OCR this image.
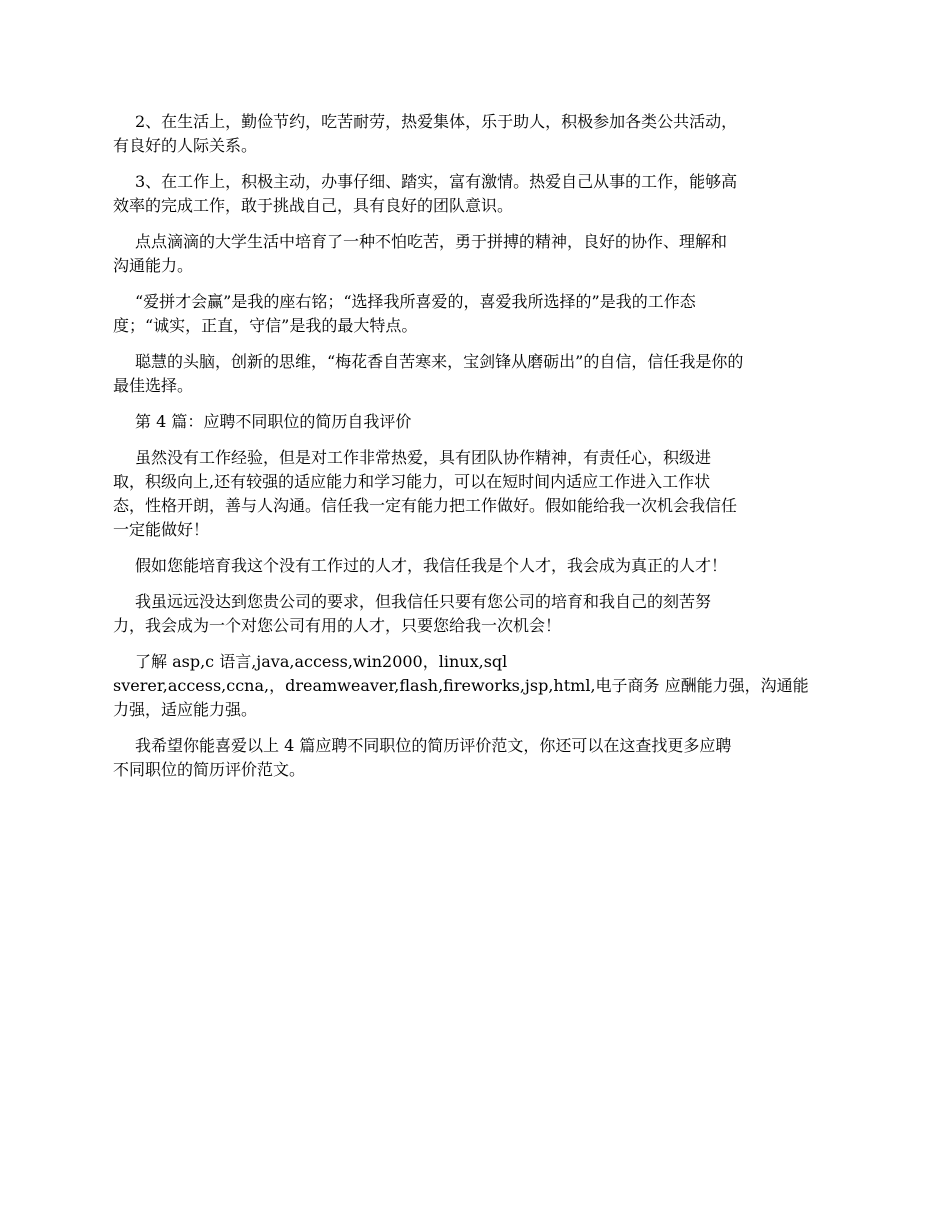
2、在生活上，勤俭节约，吃苦耐劳，热爱集体，乐于助人，积极参加各类公共活动，
有良好的人际关系。

3、在工作上，积极主动，办事仔细、踏实，富有激情。热爱自己从事的工作，能够高
效率的完成工作，敢于挑战自己，具有良好的团队意识。

点点滴滴的大学生活中培育了一种不怕吃苦，勇于拼搏的精神，良好的协作、理解和
沟通能力。

“爱拼才会赢”是我的座右铭；“选择我所喜爱的，喜爱我所选择的”是我的工作态
度；“诚实，正直，守信”是我的最大特点。

聪慧的头脑，创新的思维，“梅花香自苦寒来，宝剑锋从磨砺出”的自信，信任我是你的
最佳选择。

第 4 篇：应聘不同职位的简历自我评价

虽然没有工作经验，但是对工作非常热爱，具有团队协作精神，有责任心，积级进
取，积级向上,还有较强的适应能力和学习能力，可以在短时间内适应工作进入工作状
态，性格开朗，善与人沟通。信任我一定有能力把工作做好。假如能给我一次机会我信任
一定能做好！

假如您能培育我这个没有工作过的人才，我信任我是个人才，我会成为真正的人才！

我虽远远没达到您贵公司的要求，但我信任只要有您公司的培育和我自己的刻苦努
力，我会成为一个对您公司有用的人才，只要您给我一次机会！

了解 asp,c 语言,java,access,win2000，linux,sql
sverer,access,ccna,，dreamweaver,flash,fireworks,jsp,html,电子商务 应酬能力强，沟通能
力强，适应能力强。

我希望你能喜爱以上 4 篇应聘不同职位的简历评价范文，你还可以在这查找更多应聘
不同职位的简历评价范文。
